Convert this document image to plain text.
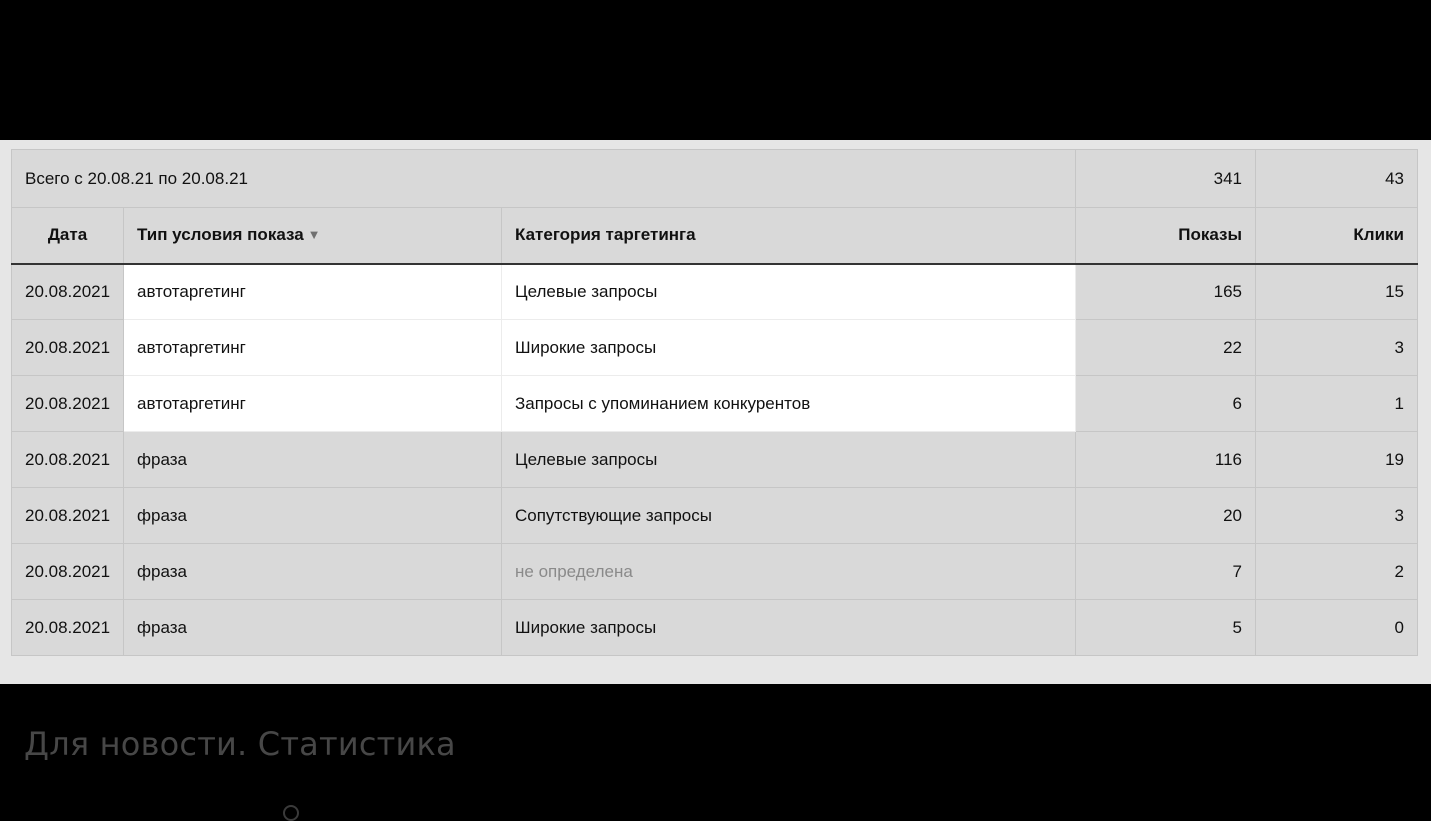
Всего с 20.08.21 по 20.08.21			341	43
Дата	Тип условия показа ▼	Категория таргетинга	Показы	Клики
20.08.2021	автотаргетинг	Целевые запросы	165	15
20.08.2021	автотаргетинг	Широкие запросы	22	3
20.08.2021	автотаргетинг	Запросы с упоминанием конкурентов	6	1
20.08.2021	фраза	Целевые запросы	116	19
20.08.2021	фраза	Сопутствующие запросы	20	3
20.08.2021	фраза	не определена	7	2
20.08.2021	фраза	Широкие запросы	5	0
Для новости. Статистика
